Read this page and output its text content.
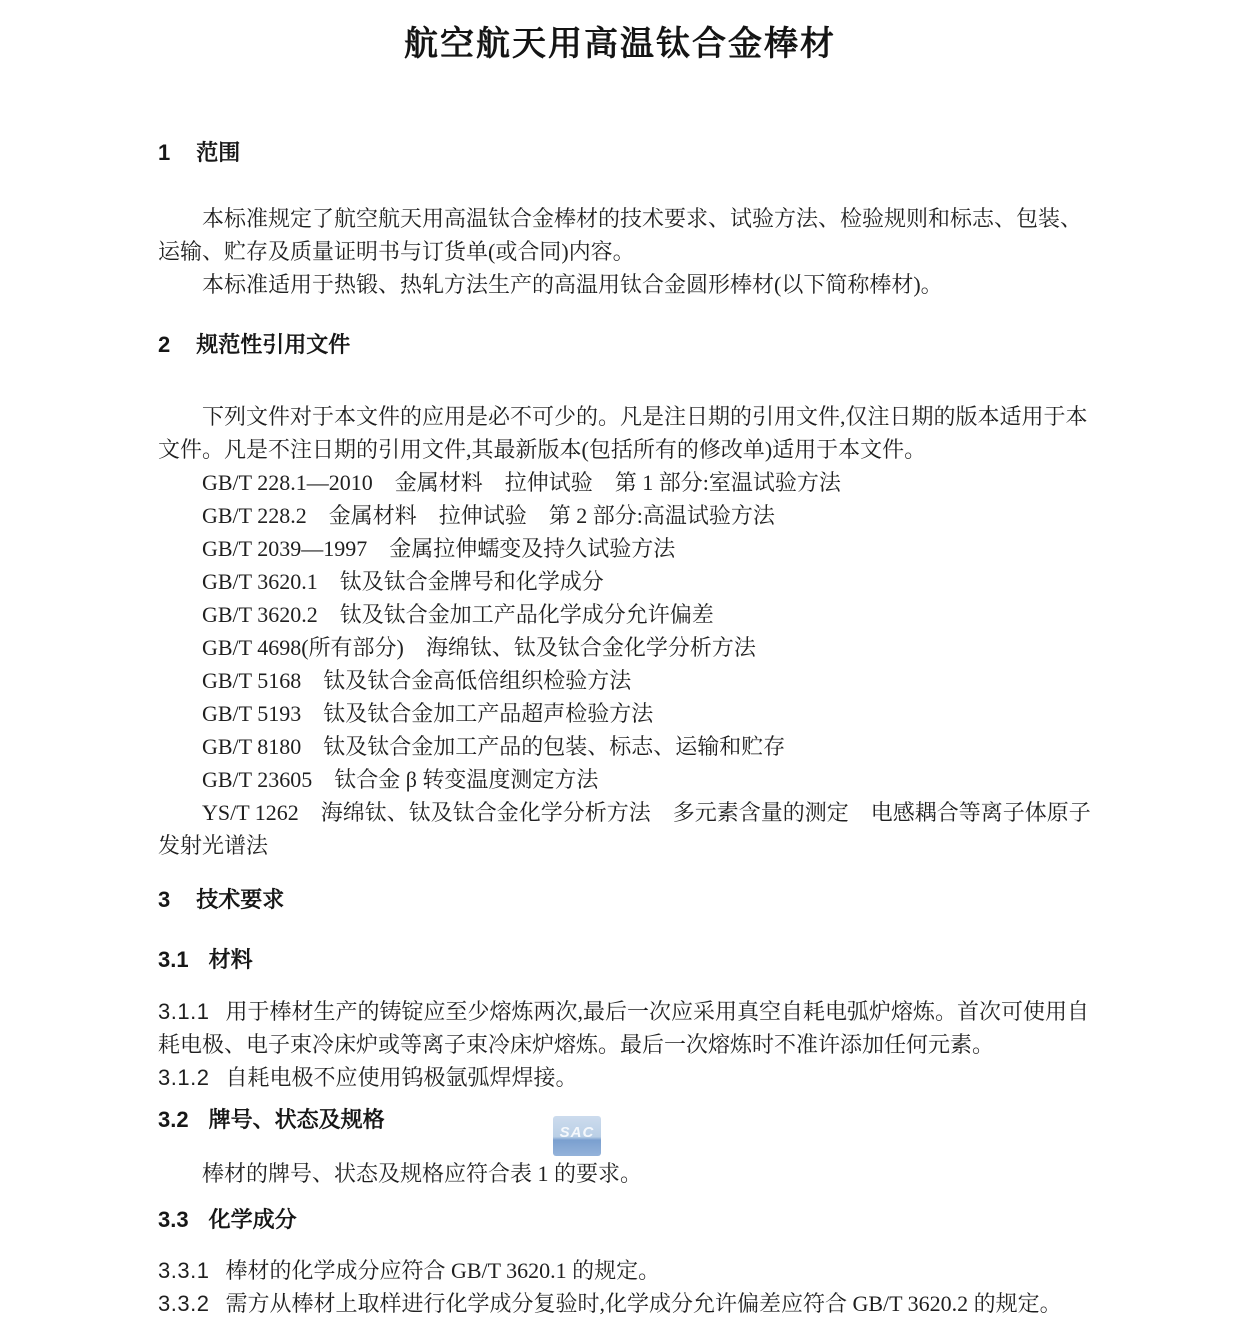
SAC
航空航天用高温钛合金棒材
1 范围

本标准规定了航空航天用高温钛合金棒材的技术要求、试验方法、检验规则和标志、包装、运输、贮存及质量证明书与订货单(或合同)内容。

本标准适用于热锻、热轧方法生产的高温用钛合金圆形棒材(以下简称棒材)。

2 规范性引用文件

下列文件对于本文件的应用是必不可少的。凡是注日期的引用文件,仅注日期的版本适用于本文件。凡是不注日期的引用文件,其最新版本(包括所有的修改单)适用于本文件。

GB/T 228.1—2010　金属材料　拉伸试验　第 1 部分:室温试验方法

GB/T 228.2　金属材料　拉伸试验　第 2 部分:高温试验方法

GB/T 2039—1997　金属拉伸蠕变及持久试验方法

GB/T 3620.1　钛及钛合金牌号和化学成分

GB/T 3620.2　钛及钛合金加工产品化学成分允许偏差

GB/T 4698(所有部分)　海绵钛、钛及钛合金化学分析方法

GB/T 5168　钛及钛合金高低倍组织检验方法

GB/T 5193　钛及钛合金加工产品超声检验方法

GB/T 8180　钛及钛合金加工产品的包装、标志、运输和贮存

GB/T 23605　钛合金 β 转变温度测定方法

YS/T 1262　海绵钛、钛及钛合金化学分析方法　多元素含量的测定　电感耦合等离子体原子发射光谱法

3 技术要求
3.1 材料

3.1.1 用于棒材生产的铸锭应至少熔炼两次,最后一次应采用真空自耗电弧炉熔炼。首次可使用自耗电极、电子束冷床炉或等离子束冷床炉熔炼。最后一次熔炼时不准许添加任何元素。

3.1.2 自耗电极不应使用钨极氩弧焊焊接。

3.2 牌号、状态及规格

棒材的牌号、状态及规格应符合表 1 的要求。

3.3 化学成分

3.3.1 棒材的化学成分应符合 GB/T 3620.1 的规定。

3.3.2 需方从棒材上取样进行化学成分复验时,化学成分允许偏差应符合 GB/T 3620.2 的规定。
